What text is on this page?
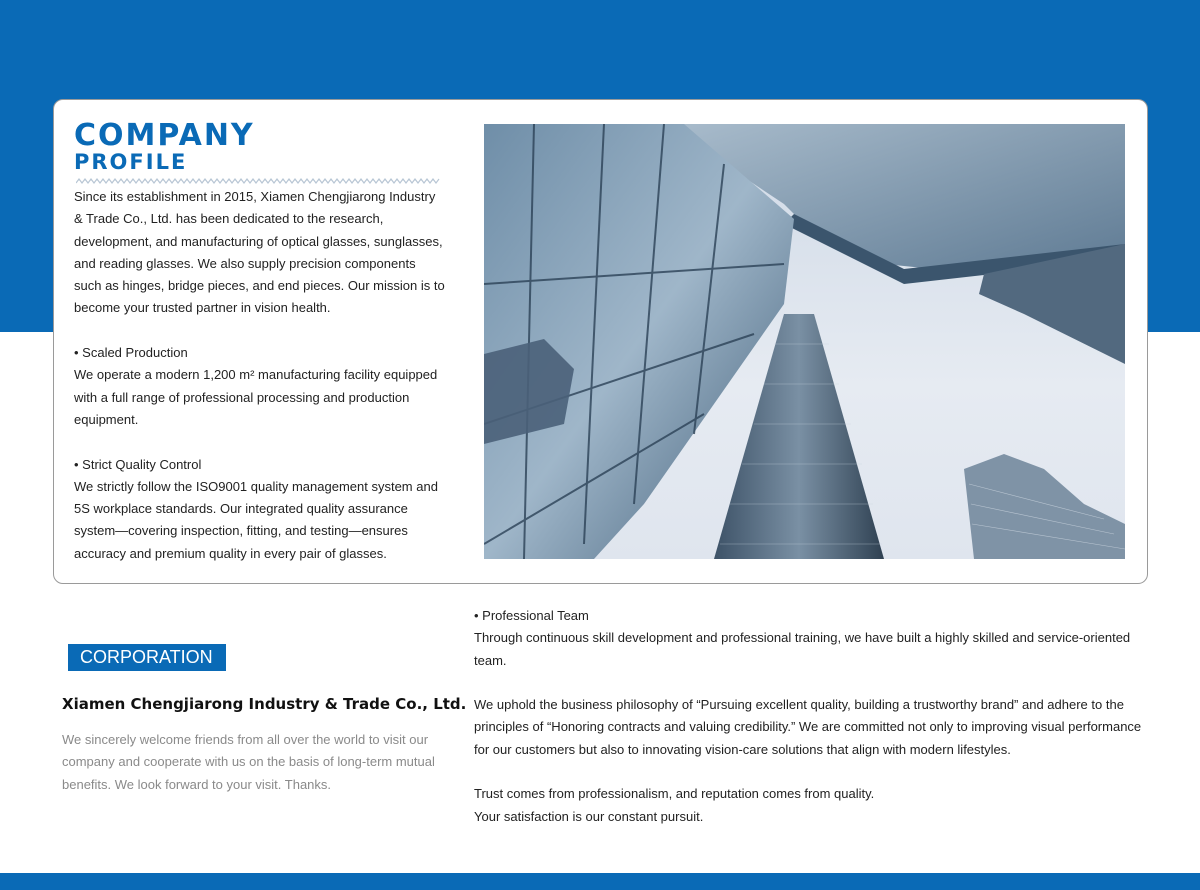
COMPANY
PROFILE

Since its establishment in 2015, Xiamen Chengjiarong Industry & Trade Co., Ltd. has been dedicated to the research, development, and manufacturing of optical glasses, sunglasses, and reading glasses. We also supply precision components such as hinges, bridge pieces, and end pieces. Our mission is to become your trusted partner in vision health.

• Scaled Production

We operate a modern 1,200 m² manufacturing facility equipped with a full range of professional processing and production equipment.

• Strict Quality Control

We strictly follow the ISO9001 quality management system and 5S workplace standards. Our integrated quality assurance system—covering inspection, fitting, and testing—ensures accuracy and premium quality in every pair of glasses.

CORPORATION
Xiamen Chengjiarong Industry & Trade Co., Ltd.
We sincerely welcome friends from all over the world to visit our company and cooperate with us on the basis of long-term mutual benefits. We look forward to your visit. Thanks.

• Professional Team

Through continuous skill development and professional training, we have built a highly skilled and service-oriented team.

We uphold the business philosophy of “Pursuing excellent quality, building a trustworthy brand” and adhere to the principles of “Honoring contracts and valuing credibility.” We are committed not only to improving visual performance for our customers but also to innovating vision-care solutions that align with modern lifestyles.

Trust comes from professionalism, and reputation comes from quality.

Your satisfaction is our constant pursuit.
